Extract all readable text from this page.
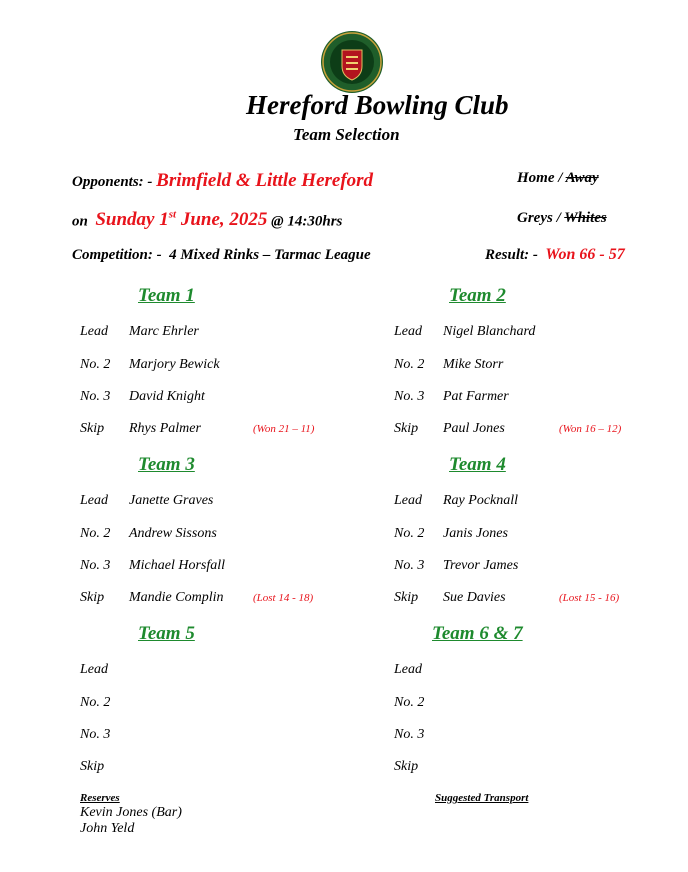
Hereford Bowling Club
Team Selection
Opponents: - Brimfield & Little Hereford	Home / Away
on Sunday 1st June, 2025 @ 14:30hrs	Greys / Whites
Competition: - 4 Mixed Rinks – Tarmac League	Result: - Won 66 - 57
Team 1
Lead Marc Ehrler
No. 2 Marjory Bewick
No. 3 David Knight
Skip Rhys Palmer	(Won 21 – 11)
Team 2
Lead Nigel Blanchard
No. 2 Mike Storr
No. 3 Pat Farmer
Skip Paul Jones	(Won 16 – 12)
Team 3
Lead Janette Graves
No. 2 Andrew Sissons
No. 3 Michael Horsfall
Skip Mandie Complin	(Lost 14 - 18)
Team 4
Lead Ray Pocknall
No. 2 Janis Jones
No. 3 Trevor James
Skip Sue Davies	(Lost 15 - 16)
Team 5
Lead
No. 2
No. 3
Skip
Team 6 & 7
Lead
No. 2
No. 3
Skip
Reserves
Kevin Jones (Bar)
John Yeld
Suggested Transport
